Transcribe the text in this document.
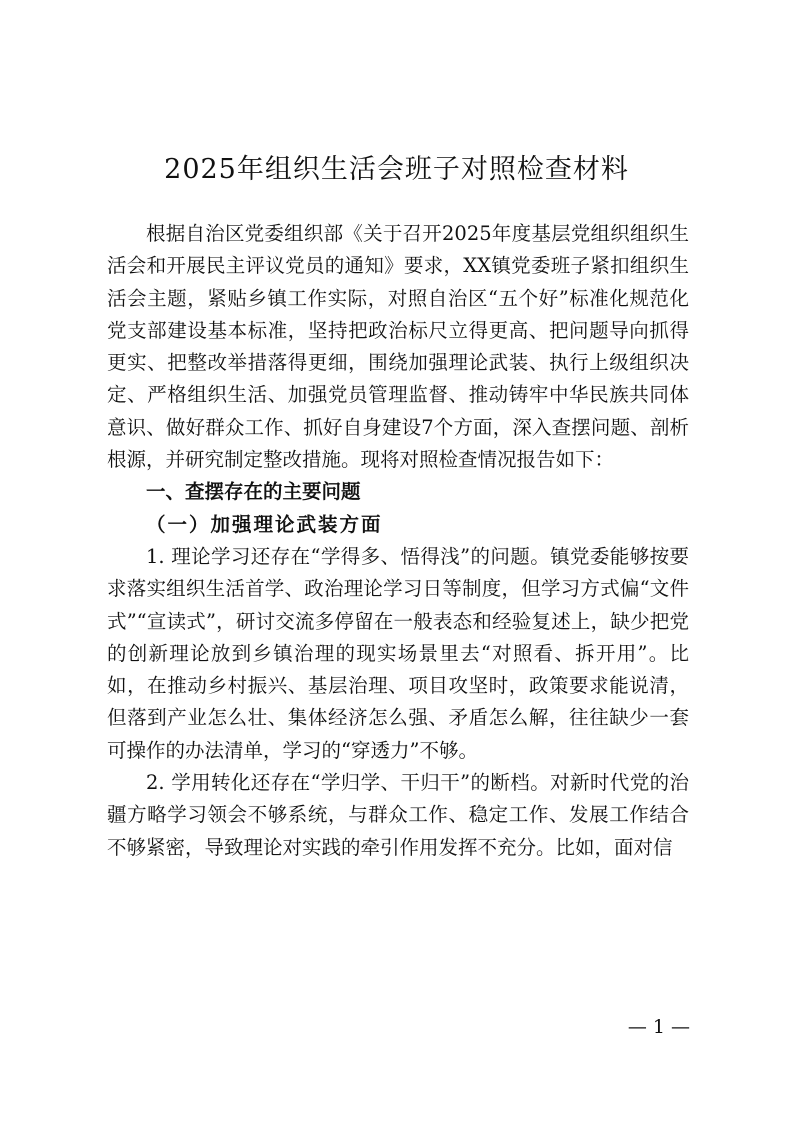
2025年组织生活会班子对照检查材料

根据自治区党委组织部《关于召开2025年度基层党组织组织生活会和开展民主评议党员的通知》要求，XX镇党委班子紧扣组织生活会主题，紧贴乡镇工作实际，对照自治区“五个好”标准化规范化党支部建设基本标准，坚持把政治标尺立得更高、把问题导向抓得更实、把整改举措落得更细，围绕加强理论武装、执行上级组织决定、严格组织生活、加强党员管理监督、推动铸牢中华民族共同体意识、做好群众工作、抓好自身建设7个方面，深入查摆问题、剖析根源，并研究制定整改措施。现将对照检查情况报告如下：

一、查摆存在的主要问题

（一）加强理论武装方面

1. 理论学习还存在“学得多、悟得浅”的问题。镇党委能够按要求落实组织生活首学、政治理论学习日等制度，但学习方式偏“文件式”“宣读式”，研讨交流多停留在一般表态和经验复述上，缺少把党的创新理论放到乡镇治理的现实场景里去“对照看、拆开用”。比如，在推动乡村振兴、基层治理、项目攻坚时，政策要求能说清，但落到产业怎么壮、集体经济怎么强、矛盾怎么解，往往缺少一套可操作的办法清单，学习的“穿透力”不够。

2. 学用转化还存在“学归学、干归干”的断档。对新时代党的治疆方略学习领会不够系统，与群众工作、稳定工作、发展工作结合不够紧密，导致理论对实践的牵引作用发挥不充分。比如，面对信

— 1 —
